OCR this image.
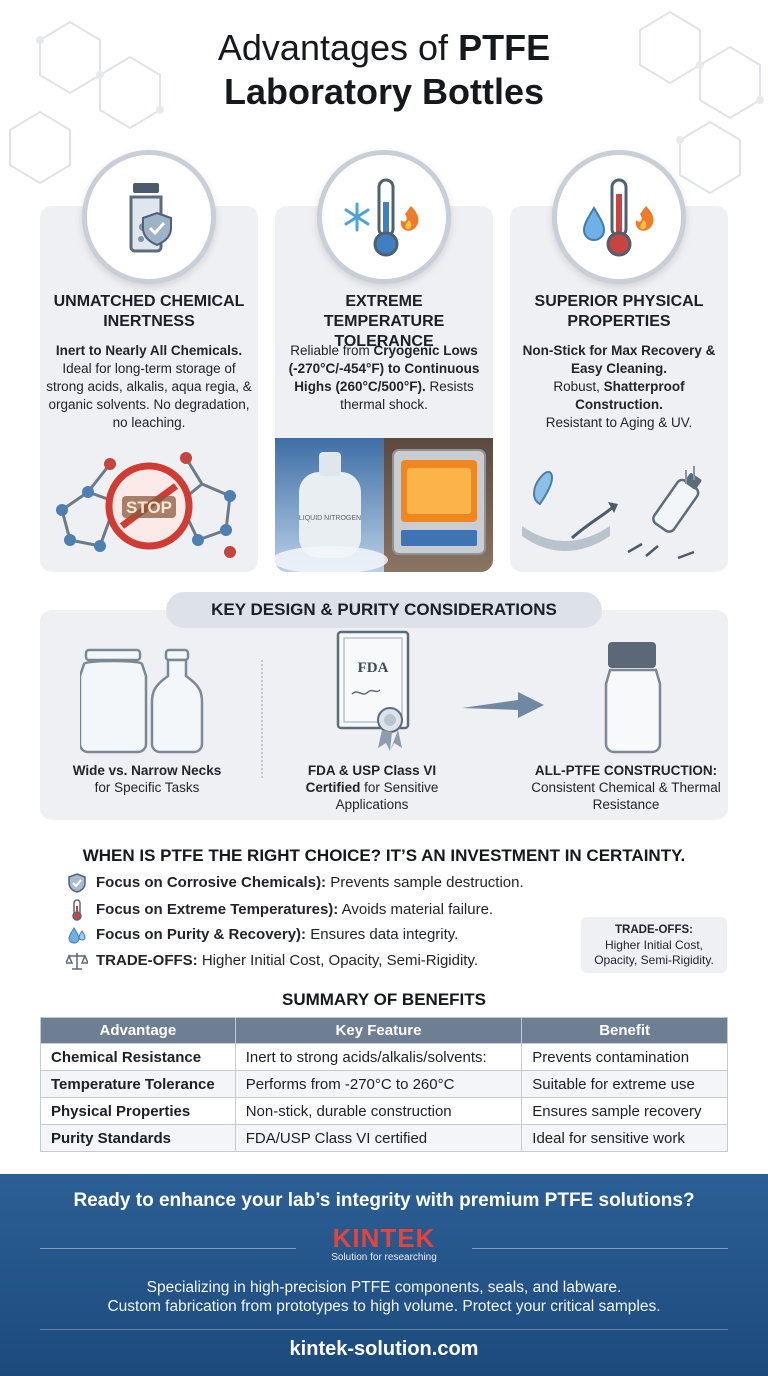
Advantages of PTFE
Laboratory Bottles
UNMATCHED CHEMICAL INERTNESS
Inert to Nearly All Chemicals.
Ideal for long-term storage of strong acids, alkalis, aqua regia, & organic solvents. No degradation, no leaching.
STOP
EXTREME TEMPERATURE TOLERANCE
Reliable from Cryogenic Lows (-270°C/-454°F) to Continuous Highs (260°C/500°F). Resists thermal shock.
LIQUID NITROGEN
SUPERIOR PHYSICAL PROPERTIES
Non-Stick for Max Recovery & Easy Cleaning.
Robust, Shatterproof Construction.
Resistant to Aging & UV.
KEY DESIGN & PURITY CONSIDERATIONS
Wide vs. Narrow Necks
for Specific Tasks
FDA
FDA & USP Class VI Certified for Sensitive Applications
ALL-PTFE CONSTRUCTION:
Consistent Chemical & Thermal Resistance
WHEN IS PTFE THE RIGHT CHOICE? IT’S AN INVESTMENT IN CERTAINTY.
Focus on Corrosive Chemicals): Prevents sample destruction.
Focus on Extreme Temperatures): Avoids material failure.
Focus on Purity & Recovery): Ensures data integrity.
TRADE-OFFS: Higher Initial Cost, Opacity, Semi-Rigidity.
TRADE-OFFS:
Higher Initial Cost,
Opacity, Semi-Rigidity.
SUMMARY OF BENEFITS
Advantage	Key Feature	Benefit
Chemical Resistance	Inert to strong acids/alkalis/solvents:	Prevents contamination
Temperature Tolerance	Performs from -270°C to 260°C	Suitable for extreme use
Physical Properties	Non-stick, durable construction	Ensures sample recovery
Purity Standards	FDA/USP Class VI certified	Ideal for sensitive work
Ready to enhance your lab’s integrity with premium PTFE solutions?
KINTEK
Solution for researching
Specializing in high-precision PTFE components, seals, and labware.
Custom fabrication from prototypes to high volume. Protect your critical samples.
kintek-solution.com
